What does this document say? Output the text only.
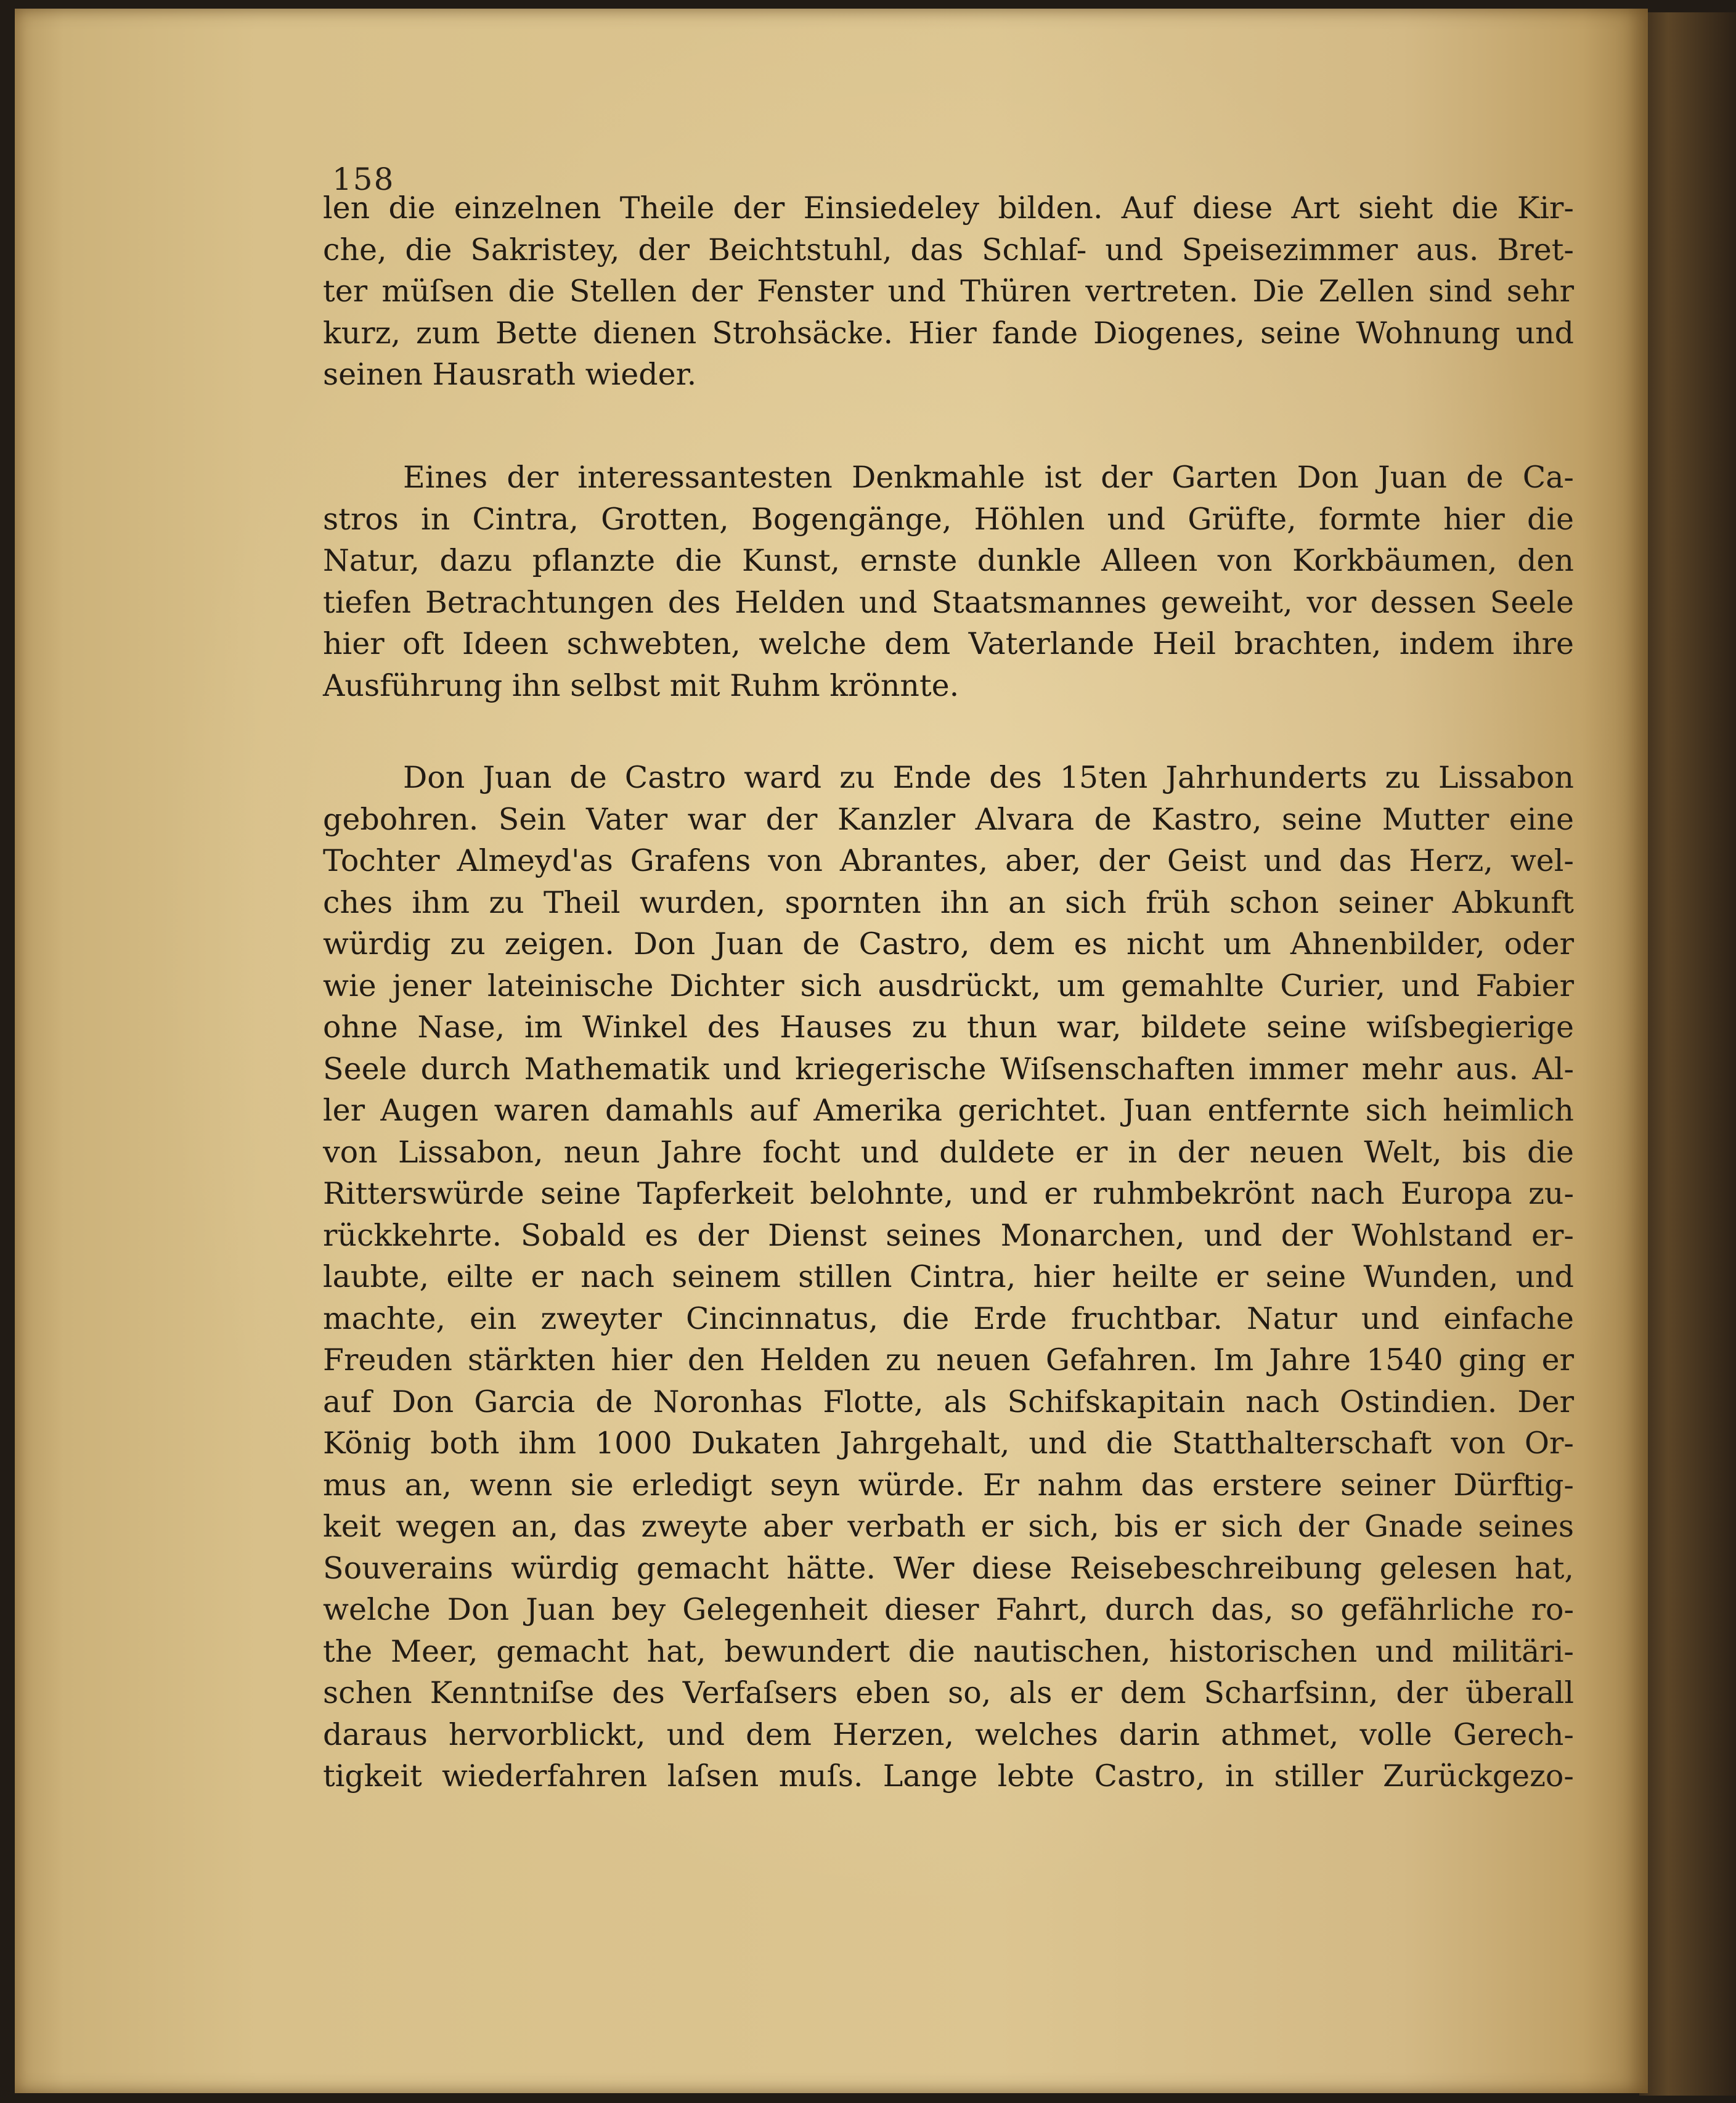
158
len die einzelnen Theile der Einsiedeley bilden. Auf diese Art sieht die Kir-
che, die Sakristey, der Beichtstuhl, das Schlaf- und Speisezimmer aus. Bret-
ter müſsen die Stellen der Fenster und Thüren vertreten. Die Zellen sind sehr
kurz, zum Bette dienen Strohsäcke. Hier fande Diogenes, seine Wohnung und
seinen Hausrath wieder.
Eines der interessantesten Denkmahle ist der Garten Don Juan de Ca-
stros in Cintra, Grotten, Bogengänge, Höhlen und Grüfte, formte hier die
Natur, dazu pflanzte die Kunst, ernste dunkle Alleen von Korkbäumen, den
tiefen Betrachtungen des Helden und Staatsmannes geweiht, vor dessen Seele
hier oft Ideen schwebten, welche dem Vaterlande Heil brachten, indem ihre
Ausführung ihn selbst mit Ruhm krönnte.
Don Juan de Castro ward zu Ende des 15ten Jahrhunderts zu Lissabon
gebohren. Sein Vater war der Kanzler Alvara de Kastro, seine Mutter eine
Tochter Almeyd'as Grafens von Abrantes, aber, der Geist und das Herz, wel-
ches ihm zu Theil wurden, spornten ihn an sich früh schon seiner Abkunft
würdig zu zeigen. Don Juan de Castro, dem es nicht um Ahnenbilder, oder
wie jener lateinische Dichter sich ausdrückt, um gemahlte Curier, und Fabier
ohne Nase, im Winkel des Hauses zu thun war, bildete seine wiſsbegierige
Seele durch Mathematik und kriegerische Wiſsenschaften immer mehr aus. Al-
ler Augen waren damahls auf Amerika gerichtet. Juan entfernte sich heimlich
von Lissabon, neun Jahre focht und duldete er in der neuen Welt, bis die
Ritterswürde seine Tapferkeit belohnte, und er ruhmbekrönt nach Europa zu-
rückkehrte. Sobald es der Dienst seines Monarchen, und der Wohlstand er-
laubte, eilte er nach seinem stillen Cintra, hier heilte er seine Wunden, und
machte, ein zweyter Cincinnatus, die Erde fruchtbar. Natur und einfache
Freuden stärkten hier den Helden zu neuen Gefahren. Im Jahre 1540 ging er
auf Don Garcia de Noronhas Flotte, als Schifskapitain nach Ostindien. Der
König both ihm 1000 Dukaten Jahrgehalt, und die Statthalterschaft von Or-
mus an, wenn sie erledigt seyn würde. Er nahm das erstere seiner Dürftig-
keit wegen an, das zweyte aber verbath er sich, bis er sich der Gnade seines
Souverains würdig gemacht hätte. Wer diese Reisebeschreibung gelesen hat,
welche Don Juan bey Gelegenheit dieser Fahrt, durch das, so gefährliche ro-
the Meer, gemacht hat, bewundert die nautischen, historischen und militäri-
schen Kenntniſse des Verfaſsers eben so, als er dem Scharfsinn, der überall
daraus hervorblickt, und dem Herzen, welches darin athmet, volle Gerech-
tigkeit wiederfahren laſsen muſs. Lange lebte Castro, in stiller Zurückgezo-
